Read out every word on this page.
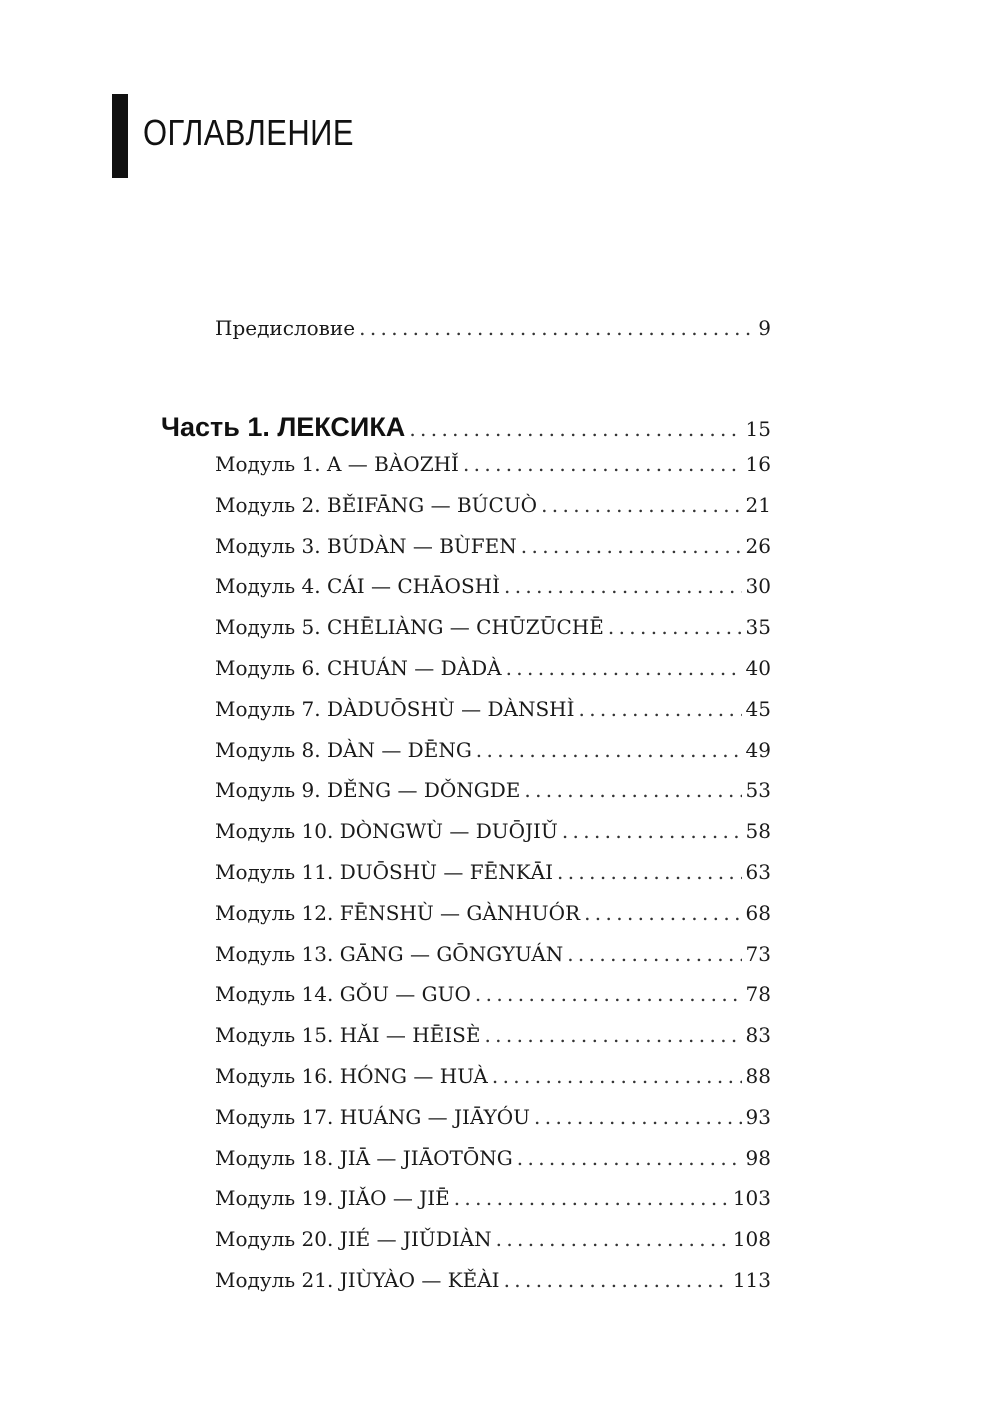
ОГЛАВЛЕНИЕ
Предисловие . . .	9
Часть 1. ЛЕКСИКА . . .	15
Модуль 1. A — BÀOZHǏ . . .	16
Модуль 2. BĚIFĀNG — BÚCUÒ . . .	21
Модуль 3. BÚDÀN — BÙFEN . . .	26
Модуль 4. CÁI — CHĀOSHÌ . . .	30
Модуль 5. CHĒLIÀNG — CHŪZŪCHĒ . . .	35
Модуль 6. CHUÁN — DÀDÀ . . .	40
Модуль 7. DÀDUŌSHÙ — DÀNSHÌ . . .	45
Модуль 8. DÀN — DĒNG . . .	49
Модуль 9. DĚNG — DǑNGDE . . .	53
Модуль 10. DÒNGWÙ — DUŌJIǓ . . .	58
Модуль 11. DUŌSHÙ — FĒNKĀI . . .	63
Модуль 12. FĒNSHÙ — GÀNHUÓR . . .	68
Модуль 13. GĀNG — GŌNGYUÁN . . .	73
Модуль 14. GǑU — GUO . . .	78
Модуль 15. HǍI — HĒISÈ . . .	83
Модуль 16. HÓNG — HUÀ . . .	88
Модуль 17. HUÁNG — JIĀYÓU . . .	93
Модуль 18. JIĀ — JIĀOTŌNG . . .	98
Модуль 19. JIǍO — JIĒ . . .	103
Модуль 20. JIÉ — JIǓDIÀN . . .	108
Модуль 21. JIÙYÀO — KĚÀI . . .	113
